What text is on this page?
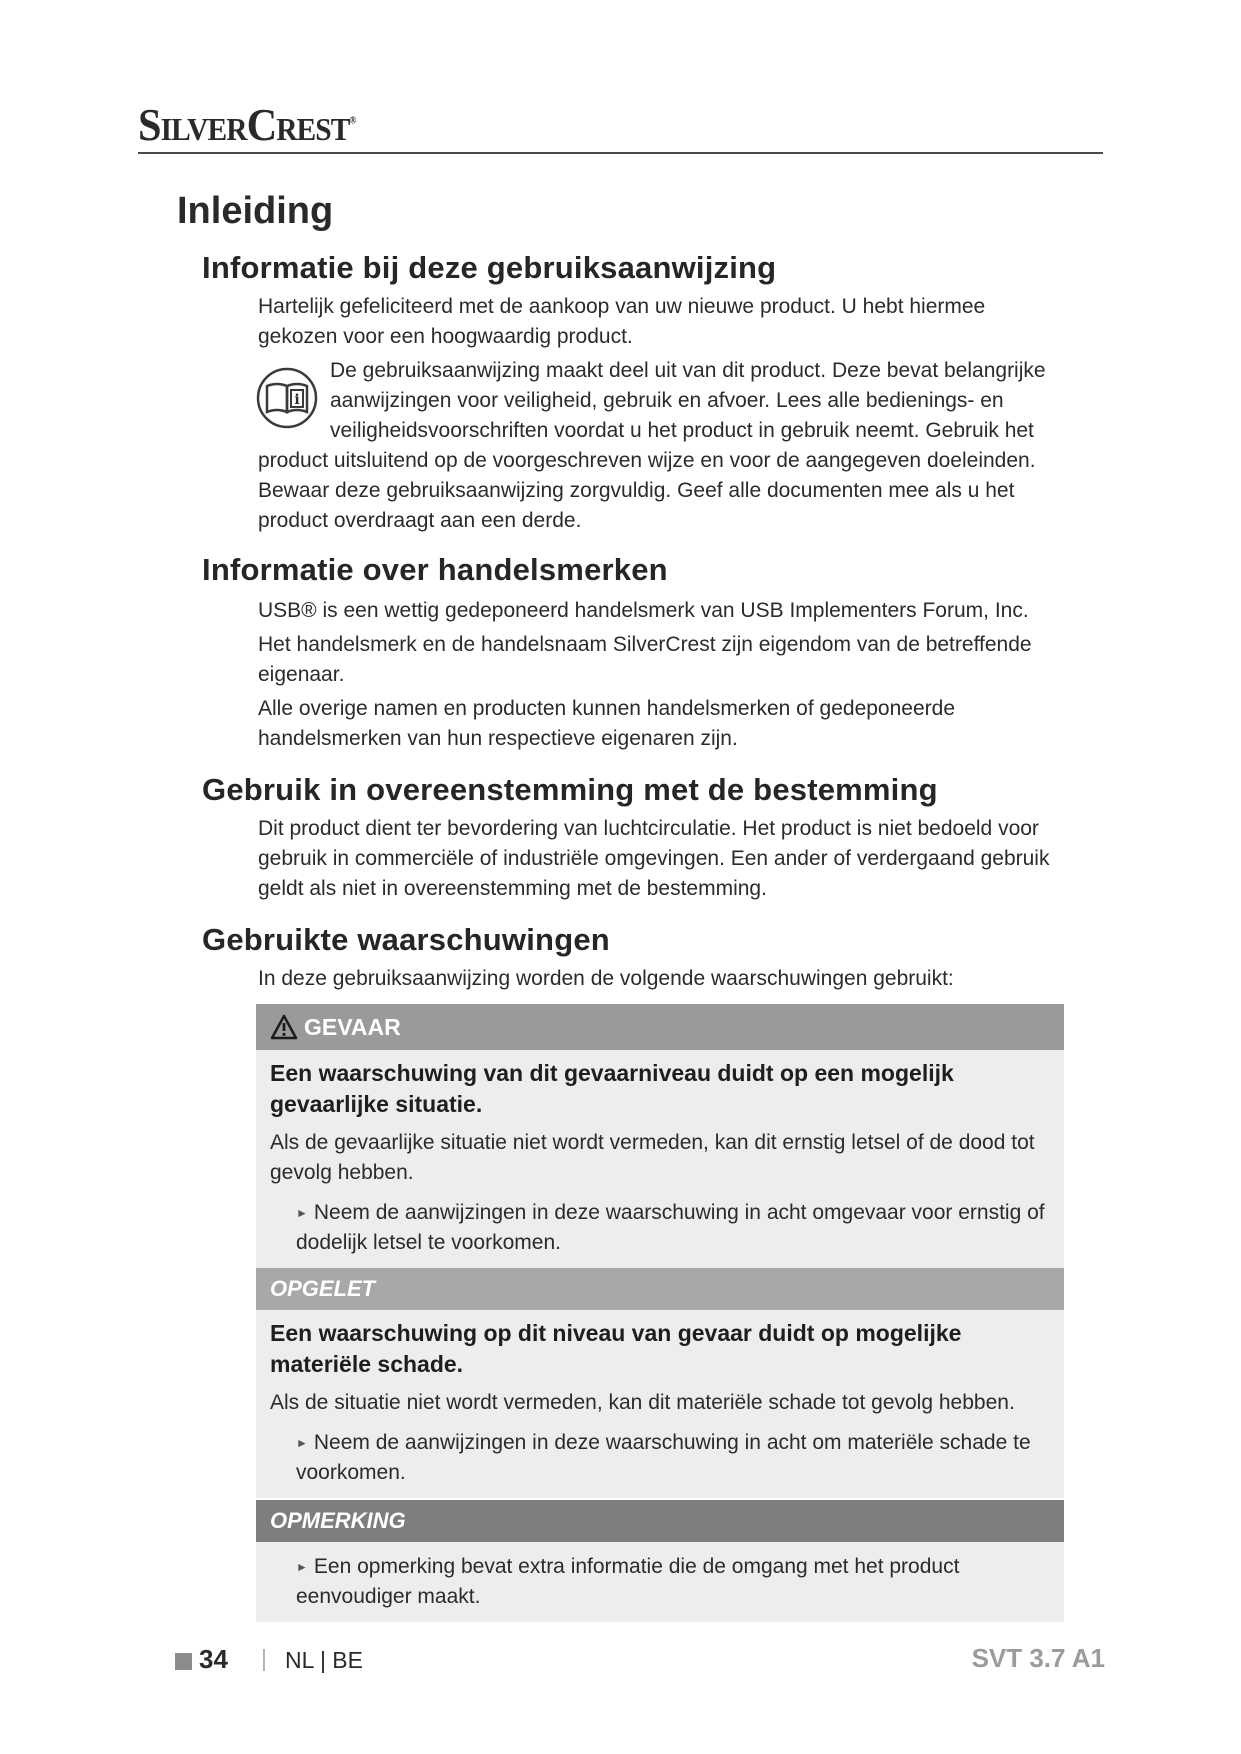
SilverCrest®
Inleiding
Informatie bij deze gebruiksaanwijzing

Hartelijk gefeliciteerd met de aankoop van uw nieuwe product. U hebt hiermee gekozen voor een hoogwaardig product.

i

De gebruiksaanwijzing maakt deel uit van dit product. Deze bevat belangrijke

aanwijzingen voor veiligheid, gebruik en afvoer. Lees alle bedienings- en

veiligheidsvoorschriften voordat u het product in gebruik neemt. Gebruik het

product uitsluitend op de voorgeschreven wijze en voor de aangegeven doeleinden. Bewaar deze gebruiksaanwijzing zorgvuldig. Geef alle documenten mee als u het product overdraagt aan een derde.

Informatie over handelsmerken

USB® is een wettig gedeponeerd handelsmerk van USB Implementers Forum, Inc.

Het handelsmerk en de handelsnaam SilverCrest zijn eigendom van de betreffende eigenaar.

Alle overige namen en producten kunnen handelsmerken of gedeponeerde handelsmerken van hun respectieve eigenaren zijn.

Gebruik in overeenstemming met de bestemming

Dit product dient ter bevordering van luchtcirculatie. Het product is niet bedoeld voor gebruik in commerciële of industriële omgevingen. Een ander of verdergaand gebruik geldt als niet in overeenstemming met de bestemming.

Gebruikte waarschuwingen

In deze gebruiksaanwijzing worden de volgende waarschuwingen gebruikt:

GEVAAR
Een waarschuwing van dit gevaarniveau duidt op een mogelijk gevaarlijke situatie.
Als de gevaarlijke situatie niet wordt vermeden, kan dit ernstig letsel of de dood tot gevolg hebben.
► Neem de aanwijzingen in deze waarschuwing in acht omgevaar voor ernstig of dodelijk letsel te voorkomen.
OPGELET
Een waarschuwing op dit niveau van gevaar duidt op mogelijke materiële schade.
Als de situatie niet wordt vermeden, kan dit materiële schade tot gevolg hebben.
► Neem de aanwijzingen in deze waarschuwing in acht om materiële schade te voorkomen.
OPMERKING
► Een opmerking bevat extra informatie die de omgang met het product eenvoudiger maakt.
34 | NL | BE	SVT 3.7 A1
